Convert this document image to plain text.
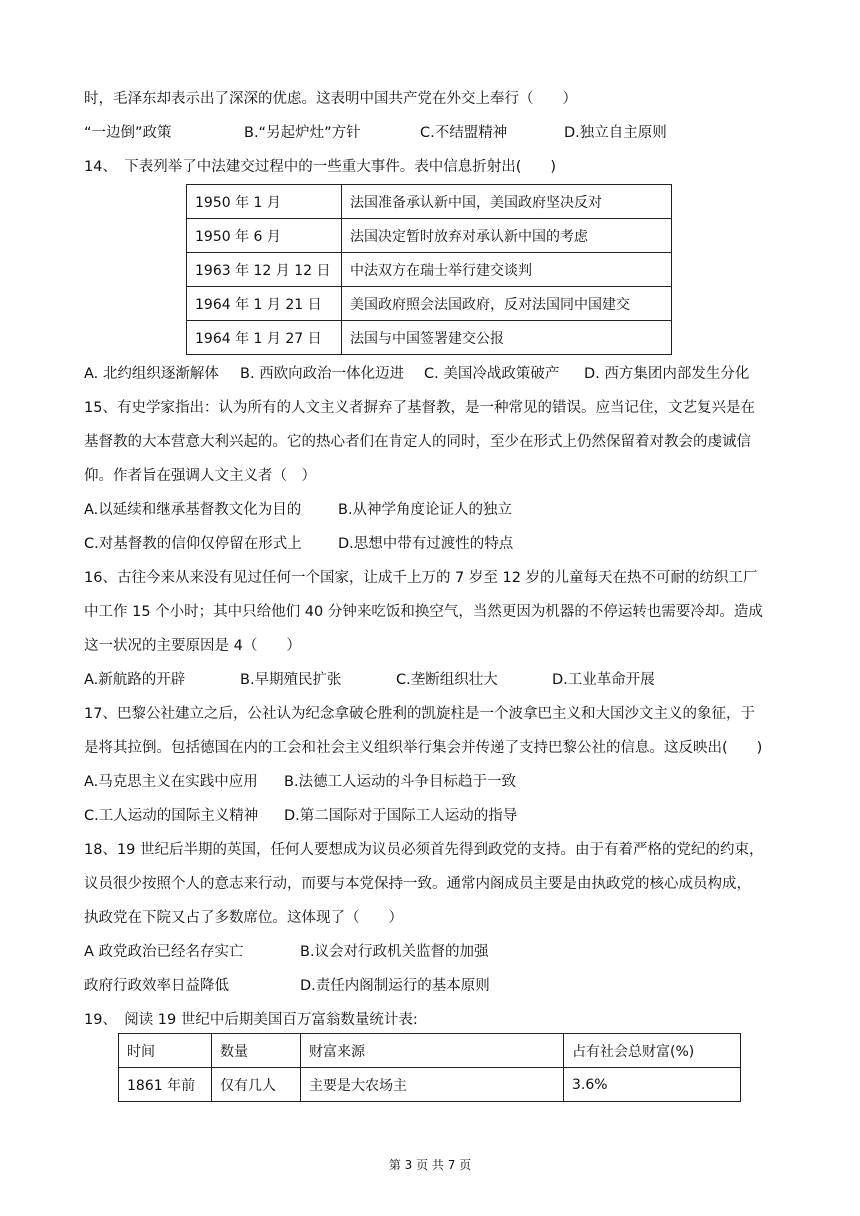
时，毛泽东却表示出了深深的优虑。这表明中国共产党在外交上奉行（　　）
“一边倒”政策	B.“另起炉灶”方针	C.不结盟精神	D.独立自主原则
14、　下表列举了中法建交过程中的一些重大事件。表中信息折射出(　　)
1950 年 1 月	法国准备承认新中国，美国政府坚决反对
1950 年 6 月	法国决定暂时放弃对承认新中国的考虑
1963 年 12 月 12 日	中法双方在瑞士举行建交谈判
1964 年 1 月 21 日	美国政府照会法国政府，反对法国同中国建交
1964 年 1 月 27 日	法国与中国签署建交公报
A. 北约组织逐渐解体 B. 西欧向政治一体化迈进 C. 美国冷战政策破产 D. 西方集团内部发生分化
15、有史学家指出：认为所有的人文主义者摒弃了基督教，是一种常见的错误。应当记住，文艺复兴是在
基督教的大本营意大利兴起的。它的热心者们在肯定人的同时，至少在形式上仍然保留着对教会的虔诚信
仰。作者旨在强调人文主义者（　）
A.以延续和继承基督教文化为目的	B.从神学角度论证人的独立
C.对基督教的信仰仅停留在形式上	D.思想中带有过渡性的特点
16、古往今来从来没有见过任何一个国家，让成千上万的 7 岁至 12 岁的儿童每天在热不可耐的纺织工厂
中工作 15 个小时；其中只给他们 40 分钟来吃饭和换空气，当然更因为机器的不停运转也需要冷却。造成
这一状况的主要原因是 4（　　）
A.新航路的开辟	B.早期殖民扩张	C.垄断组织壮大	D.工业革命开展
17、巴黎公社建立之后，公社认为纪念拿破仑胜利的凯旋柱是一个波拿巴主义和大国沙文主义的象征，于
是将其拉倒。包括德国在内的工会和社会主义组织举行集会并传递了支持巴黎公社的信息。这反映出(　　)
A.马克思主义在实践中应用 B.法德工人运动的斗争目标趋于一致
C.工人运动的国际主义精神 D.第二国际对于国际工人运动的指导
18、19 世纪后半期的英国，任何人要想成为议员必须首先得到政党的支持。由于有着严格的党纪的约束，
议员很少按照个人的意志来行动，而要与本党保持一致。通常内阁成员主要是由执政党的核心成员构成，
执政党在下院又占了多数席位。这体现了（　　）
A 政党政治已经名存实亡	B.议会对行政机关监督的加强
政府行政效率日益降低	D.责任内阁制运行的基本原则
19、　阅读 19 世纪中后期美国百万富翁数量统计表:
时间	数量	财富来源	占有社会总财富(%)
1861 年前	仅有几人	主要是大农场主	3.6%
第 3 页 共 7 页
